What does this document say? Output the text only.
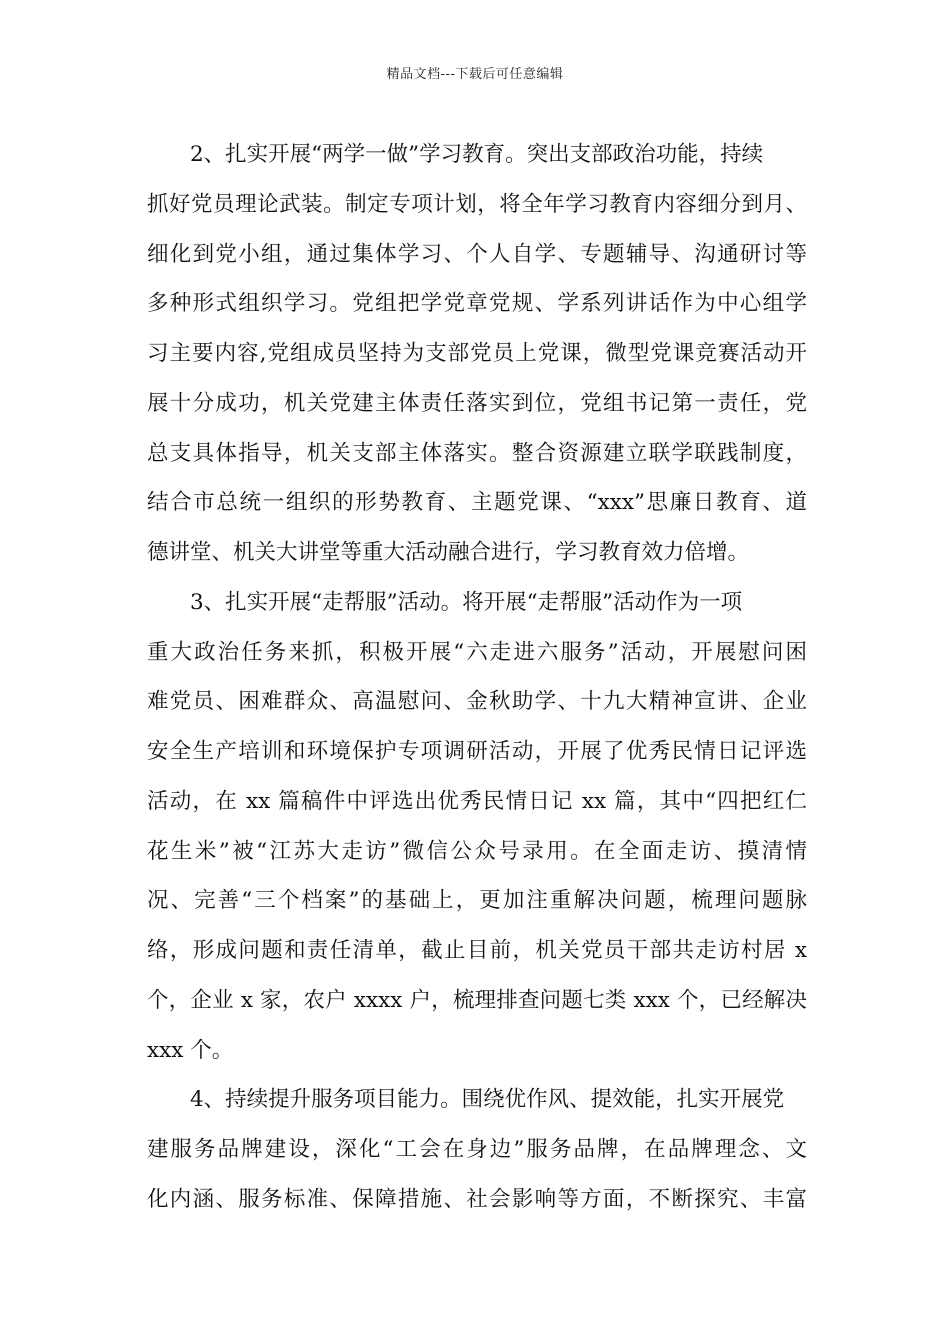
精品文档---下载后可任意编辑
2、扎实开展“两学一做”学习教育。突出支部政治功能，持续
抓好党员理论武装。制定专项计划，将全年学习教育内容细分到月、
细化到党小组，通过集体学习、个人自学、专题辅导、沟通研讨等
多种形式组织学习。党组把学党章党规、学系列讲话作为中心组学
习主要内容,党组成员坚持为支部党员上党课，微型党课竞赛活动开
展十分成功，机关党建主体责任落实到位，党组书记第一责任，党
总支具体指导，机关支部主体落实。整合资源建立联学联践制度，
结合市总统一组织的形势教育、主题党课、“xxx”思廉日教育、道
德讲堂、机关大讲堂等重大活动融合进行，学习教育效力倍增。
3、扎实开展“走帮服”活动。将开展“走帮服”活动作为一项
重大政治任务来抓，积极开展“六走进六服务”活动，开展慰问困
难党员、困难群众、高温慰问、金秋助学、十九大精神宣讲、企业
安全生产培训和环境保护专项调研活动，开展了优秀民情日记评选
活动，在 xx 篇稿件中评选出优秀民情日记 xx 篇，其中“四把红仁
花生米”被“江苏大走访”微信公众号录用。在全面走访、摸清情
况、完善“三个档案”的基础上，更加注重解决问题，梳理问题脉
络，形成问题和责任清单，截止目前，机关党员干部共走访村居 x
个，企业 x 家，农户 xxxx 户，梳理排查问题七类 xxx 个，已经解决
xxx 个。
4、持续提升服务项目能力。围绕优作风、提效能，扎实开展党
建服务品牌建设，深化“工会在身边”服务品牌，在品牌理念、文
化内涵、服务标准、保障措施、社会影响等方面，不断探究、丰富
